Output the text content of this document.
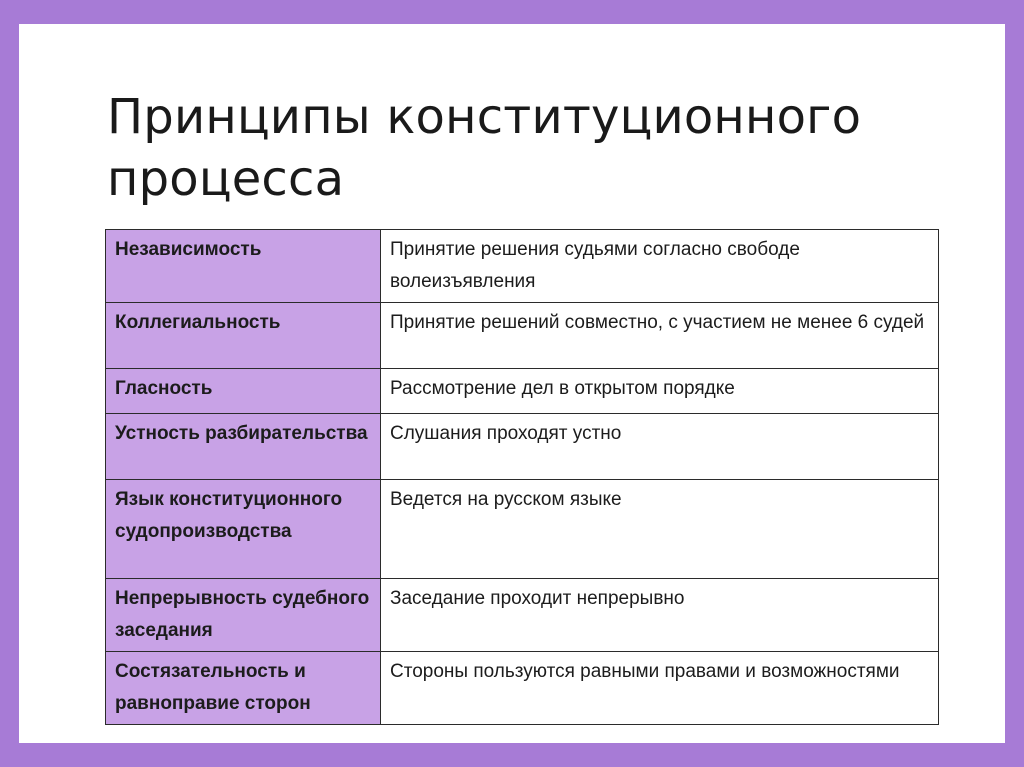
Принципы конституционного процесса
Независимость	Принятие решения судьями согласно свободе волеизъявления
Коллегиальность	Принятие решений совместно, с участием не менее 6 судей
Гласность	Рассмотрение дел в открытом порядке
Устность разбирательства	Слушания проходят устно
Язык конституционного судопроизводства	Ведется на русском языке
Непрерывность судебного заседания	Заседание проходит непрерывно
Состязательность и равноправие сторон	Стороны пользуются равными правами и возможностями
